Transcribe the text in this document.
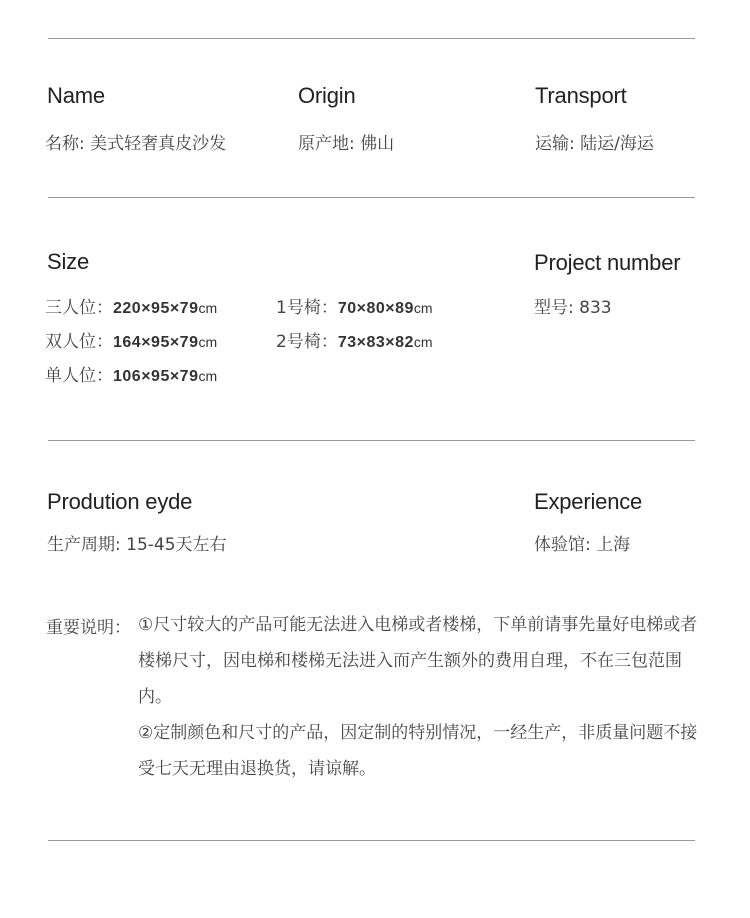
Name
名称: 美式轻奢真皮沙发
Origin
原产地: 佛山
Transport
运输: 陆运/海运
Size
三人位：220×95×79cm
双人位：164×95×79cm
单人位：106×95×79cm
1号椅：70×80×89cm
2号椅：73×83×82cm
Project number
型号: 833
Prodution eyde
生产周期: 15-45天左右
Experience
体验馆: 上海
重要说明： ①尺寸较大的产品可能无法进入电梯或者楼梯，下单前请事先量好电梯或者楼梯尺寸，因电梯和楼梯无法进入而产生额外的费用自理，不在三包范围内。

②定制颜色和尺寸的产品，因定制的特别情况，一经生产，非质量问题不接受七天无理由退换货，请谅解。
